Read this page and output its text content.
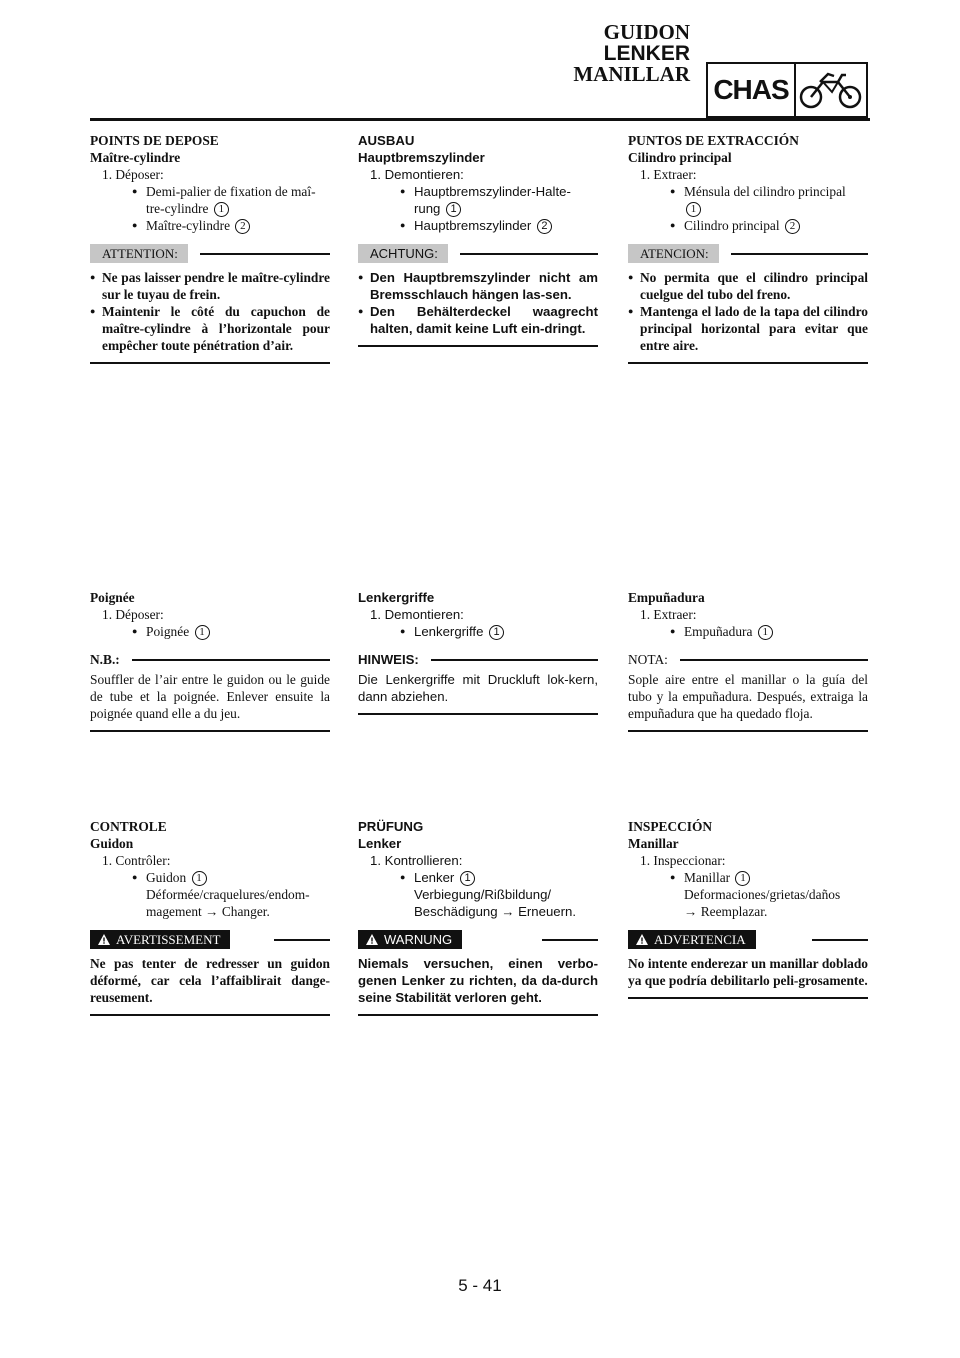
GUIDON
LENKER
MANILLAR CHAS
POINTS DE DEPOSE
Maître-cylindre
1. Déposer:
● Demi-palier de fixation de maî-
tre-cylindre 1
● Maître-cylindre 2
ATTENTION:
● Ne pas laisser pendre le maître-cylindre sur le tuyau de frein.
● Maintenir le côté du capuchon de maître-cylindre à l’horizontale pour empêcher toute pénétration d’air.
Poignée
1. Déposer:
● Poignée 1
N.B.:
Souffler de l’air entre le guidon ou le guide de tube et la poignée. Enlever ensuite la poignée quand elle a du jeu.
CONTROLE
Guidon
1. Contrôler:
● Guidon 1
Déformée/craquelures/endom-
magement → Changer.
AVERTISSEMENT
Ne pas tenter de redresser un guidon déformé, car cela l’affaiblirait dange-reusement.
AUSBAU
Hauptbremszylinder
1. Demontieren:
● Hauptbremszylinder-Halte-
rung 1
● Hauptbremszylinder 2
ACHTUNG:
● Den Hauptbremszylinder nicht am Bremsschlauch hängen las-sen.
● Den Behälterdeckel waagrecht halten, damit keine Luft ein-dringt.
Lenkergriffe
1. Demontieren:
● Lenkergriffe 1
HINWEIS:
Die Lenkergriffe mit Druckluft lok-kern, dann abziehen.
PRÜFUNG
Lenker
1. Kontrollieren:
● Lenker 1
Verbiegung/Rißbildung/
Beschädigung → Erneuern.
WARNUNG
Niemals versuchen, einen verbo-genen Lenker zu richten, da da-durch seine Stabilität verloren geht.
PUNTOS DE EXTRACCIÓN
Cilindro principal
1. Extraer:
● Ménsula del cilindro principal
1
● Cilindro principal 2
ATENCION:
● No permita que el cilindro principal cuelgue del tubo del freno.
● Mantenga el lado de la tapa del cilindro principal horizontal para evitar que entre aire.
Empuñadura
1. Extraer:
● Empuñadura 1
NOTA:
Sople aire entre el manillar o la guía del tubo y la empuñadura. Después, extraiga la empuñadura que ha quedado floja.
INSPECCIÓN
Manillar
1. Inspeccionar:
● Manillar 1
Deformaciones/grietas/daños
→ Reemplazar.
ADVERTENCIA
No intente enderezar un manillar doblado ya que podría debilitarlo peli-grosamente.
5 - 41
